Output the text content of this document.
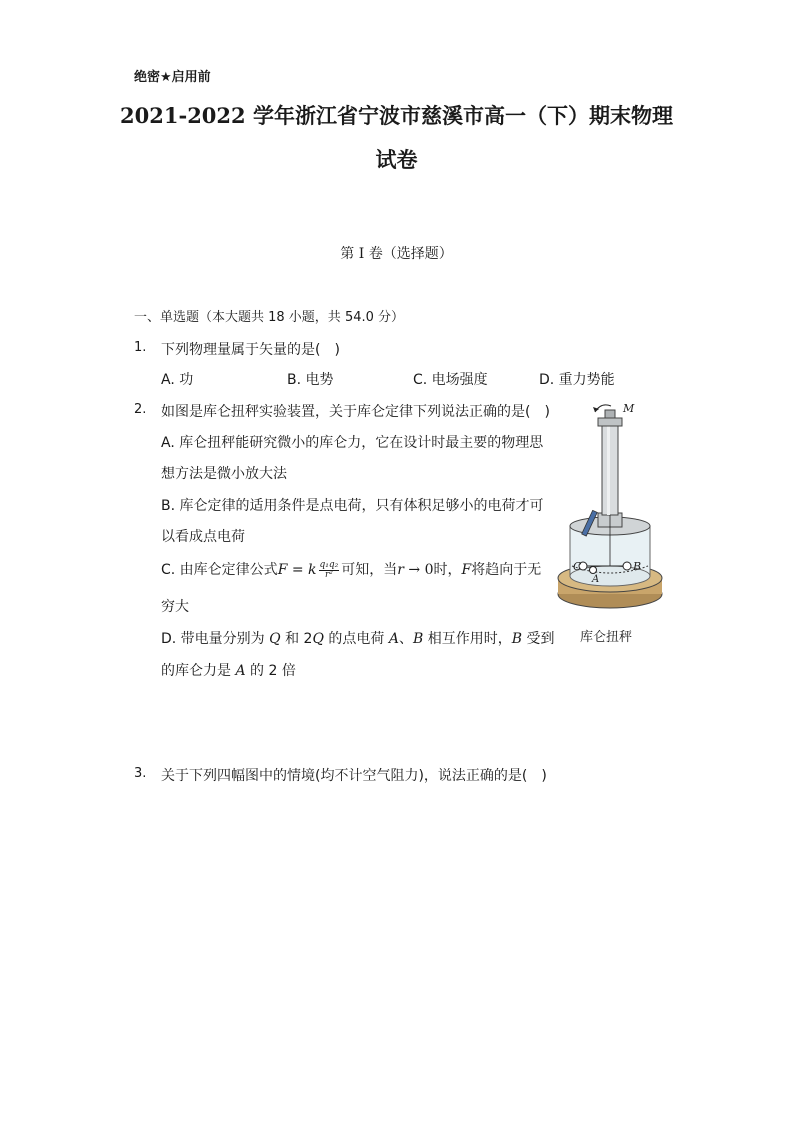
绝密★启用前
2021-2022 学年浙江省宁波市慈溪市高一（下）期末物理
试卷
第 I 卷（选择题）
一、单选题（本大题共 18 小题，共 54.0 分）
1. 下列物理量属于矢量的是(　)
A. 功	B. 电势	C. 电场强度	D. 重力势能
2. 如图是库仑扭秤实验装置，关于库仑定律下列说法正确的是(　)
A. 库仑扭秤能研究微小的库仑力，它在设计时最主要的物理思
想方法是微小放大法
B. 库仑定律的适用条件是点电荷，只有体积足够小的电荷才可
以看成点电荷
C. 由库仑定律公式F = k $\frac{\text{q₁q₂}}{\text{r²}}$ 可知，当r → 0时，F将趋向于无
穷大
D. 带电量分别为 Q 和 2Q 的点电荷 A、B 相互作用时，B 受到
的库仑力是 A 的 2 倍
M
C
A
B
库仑扭秤
3. 关于下列四幅图中的情境(均不计空气阻力)，说法正确的是(　)
